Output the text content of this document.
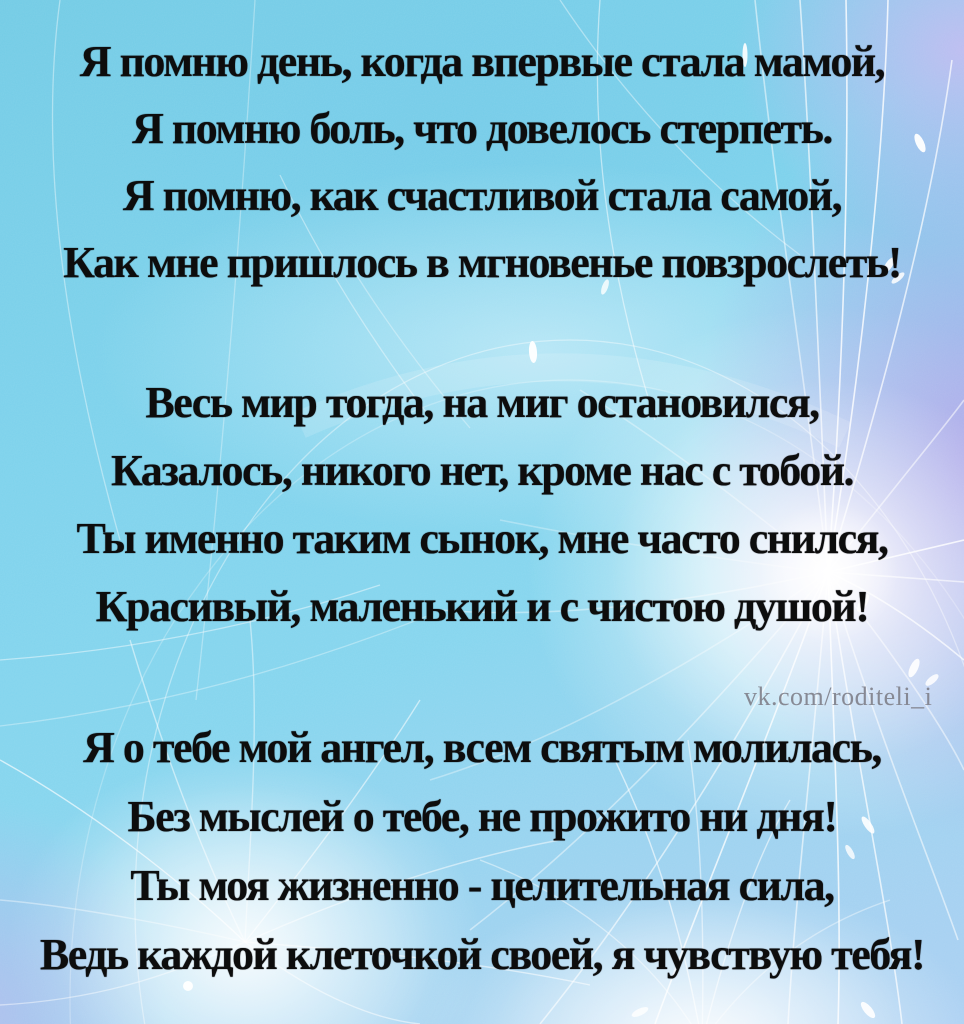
Я помню день, когда впервые стала мамой,
Я помню боль, что довелось стерпеть.
Я помню, как счастливой стала самой,
Как мне пришлось в мгновенье повзрослеть!
Весь мир тогда, на миг остановился,
Казалось, никого нет, кроме нас с тобой.
Ты именно таким сынок, мне часто снился,
Красивый, маленький и с чистою душой!
vk.com/roditeli_i
Я о тебе мой ангел, всем святым молилась,
Без мыслей о тебе, не прожито ни дня!
Ты моя жизненно - целительная сила,
Ведь каждой клеточкой своей, я чувствую тебя!
